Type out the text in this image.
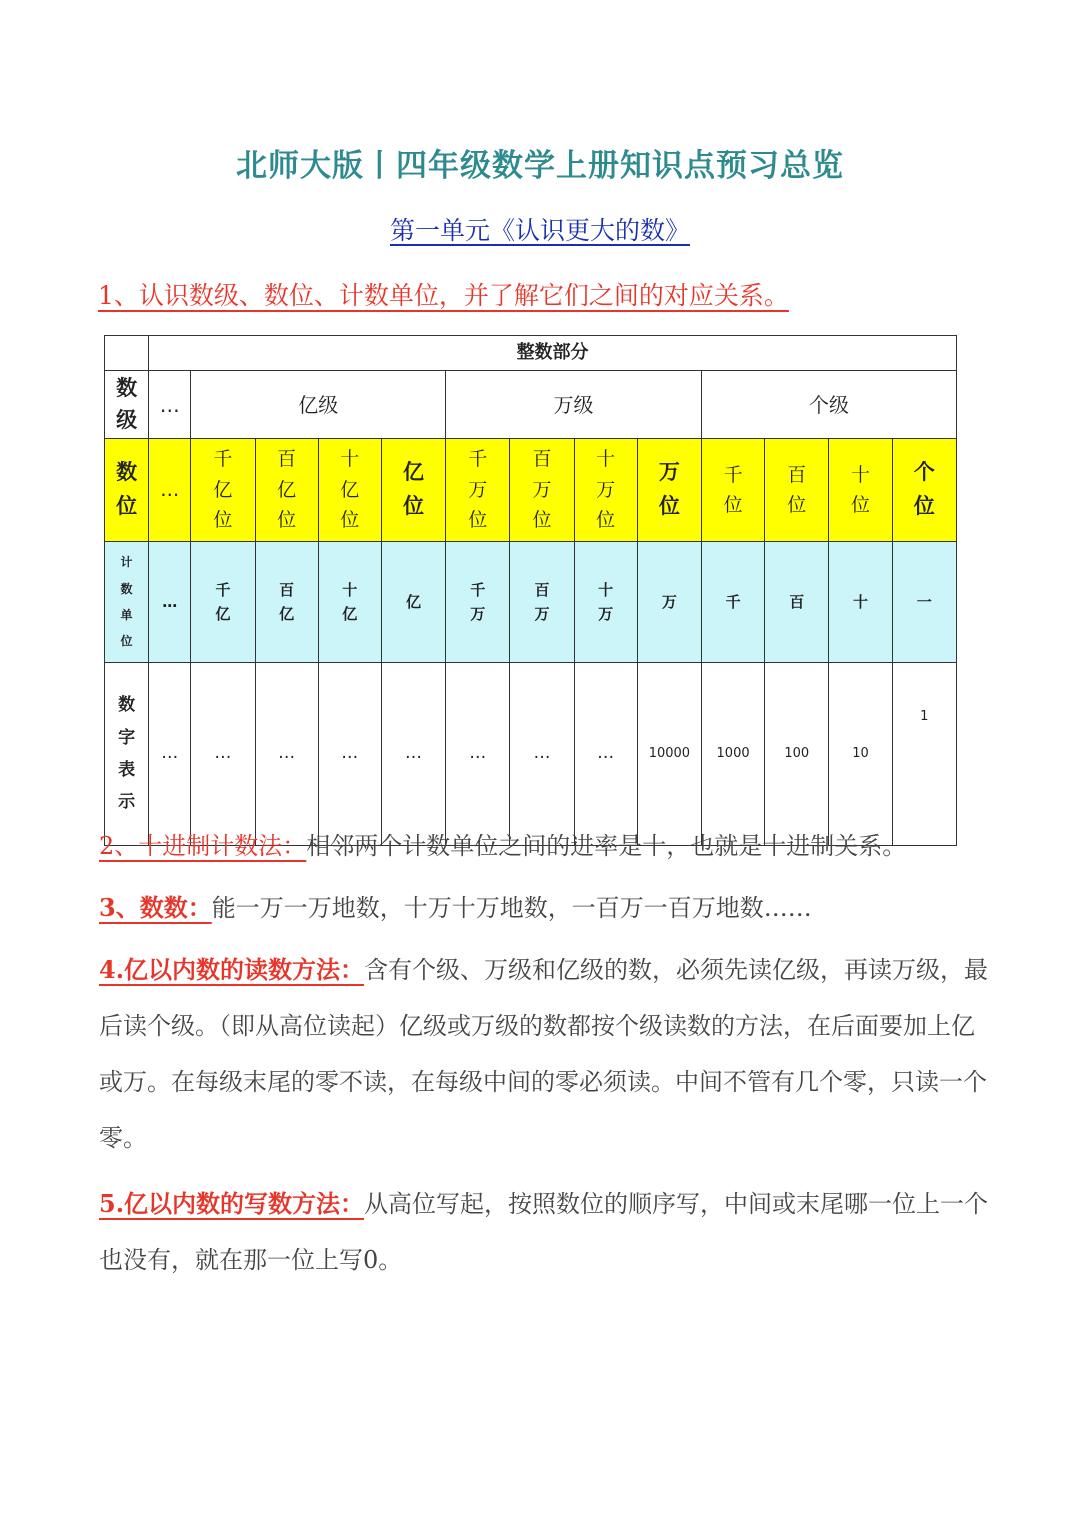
北师大版丨四年级数学上册知识点预习总览
第一单元《认识更大的数》
1、认识数级、数位、计数单位，并了解它们之间的对应关系。
	整数部分												
数级	…	亿级				万级				个级			
数位	…	千亿位	百亿位	十亿位	亿位	千万位	百万位	十万位	万位	千位	百位	十位	个位
计数单位	…	千亿	百亿	十亿	亿	千万	百万	十万	万	千	百	十	一
数字表示	…	…	…	…	…	…	…	…	10000	1000	100	10	1
2、十进制计数法：相邻两个计数单位之间的进率是十，也就是十进制关系。
3、数数：能一万一万地数，十万十万地数，一百万一百万地数……
4.亿以内数的读数方法：含有个级、万级和亿级的数，必须先读亿级，再读万级，最后读个级。（即从高位读起）亿级或万级的数都按个级读数的方法，在后面要加上亿或万。在每级末尾的零不读，在每级中间的零必须读。中间不管有几个零，只读一个零。
5.亿以内数的写数方法：从高位写起，按照数位的顺序写，中间或末尾哪一位上一个也没有，就在那一位上写0。
